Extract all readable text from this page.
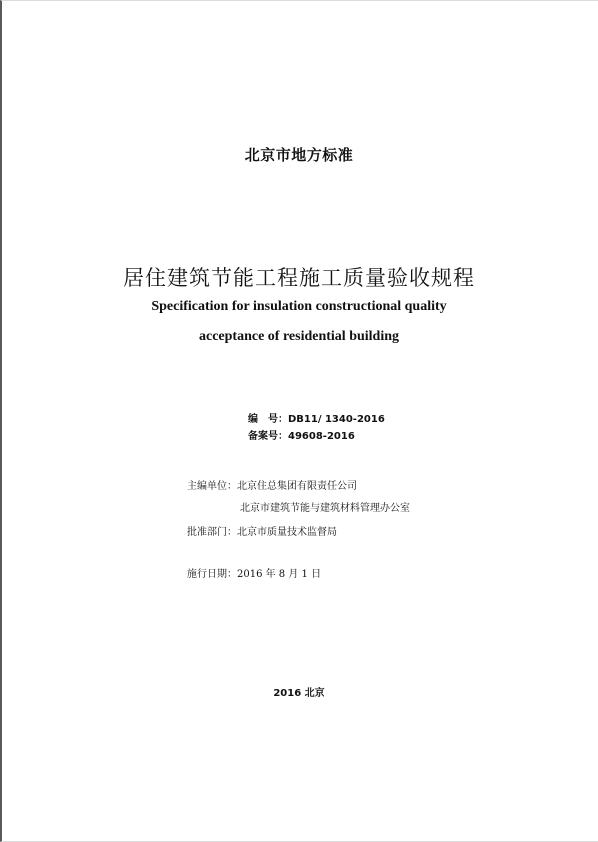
北京市地方标准
居住建筑节能工程施工质量验收规程
Specification for insulation constructional quality
acceptance of residential building
编　号：DB11/ 1340-2016
备案号：49608-2016
主编单位：北京住总集团有限责任公司
北京市建筑节能与建筑材料管理办公室
批准部门：北京市质量技术监督局
施行日期：2016 年 8 月 1 日
2016 北京
